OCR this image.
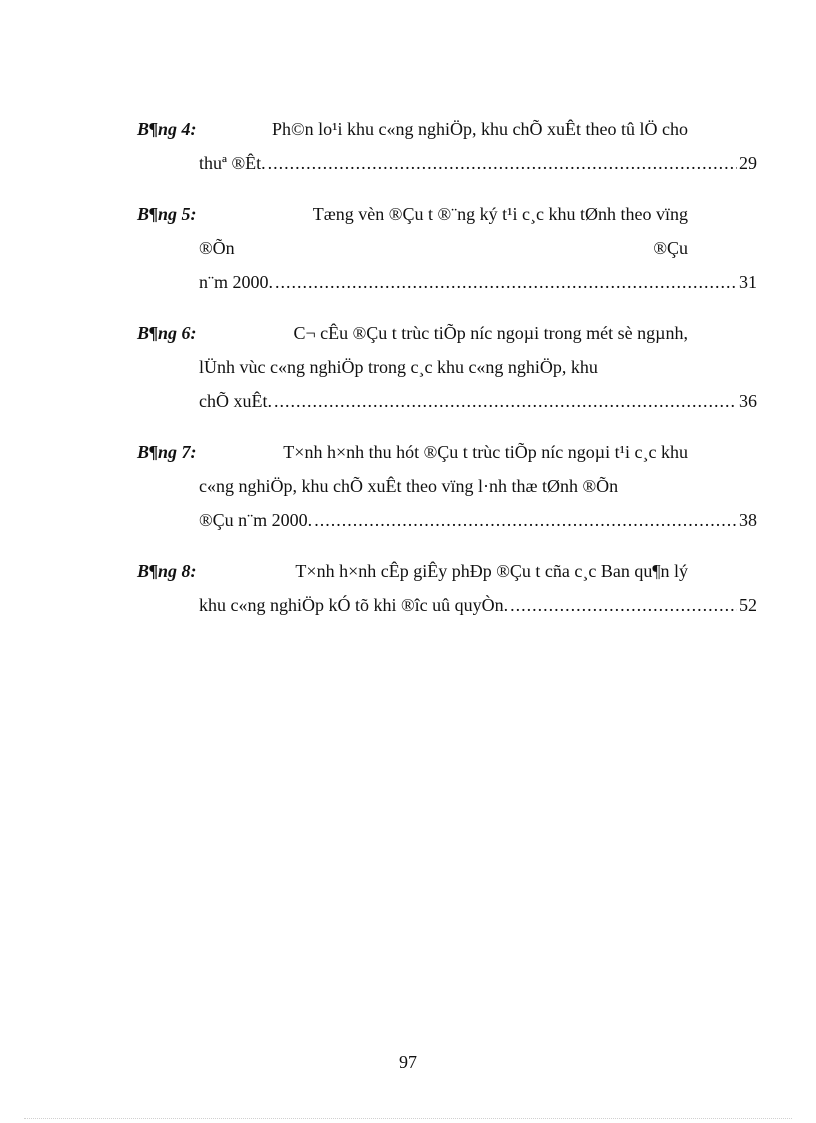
B¶ng 4:	Ph©n lo¹i khu c«ng nghiÖp, khu chÕ xuÊt theo tû lÖ cho
thuª ®Êt. .....	29
B¶ng 5:	Tæng vèn ®Çu t ®¨ng ký t¹i c¸c khu tØnh theo vïng
®Õn	®Çu
n¨m 2000. .....	31
B¶ng 6:	C¬ cÊu ®Çu t trùc tiÕp níc ngoµi trong mét sè ngµnh,
lÜnh vùc c«ng nghiÖp trong c¸c khu c«ng nghiÖp, khu
chÕ xuÊt. .....	36
B¶ng 7:	T×nh h×nh thu hót ®Çu t trùc tiÕp níc ngoµi t¹i c¸c khu
c«ng nghiÖp, khu chÕ xuÊt theo vïng l·nh thæ tØnh ®Õn
®Çu n¨m 2000. .....	38
B¶ng 8:	T×nh h×nh cÊp giÊy phÐp ®Çu t cña c¸c Ban qu¶n lý
khu c«ng nghiÖp kÓ tõ khi ®îc uû quyÒn. .....	52
97
